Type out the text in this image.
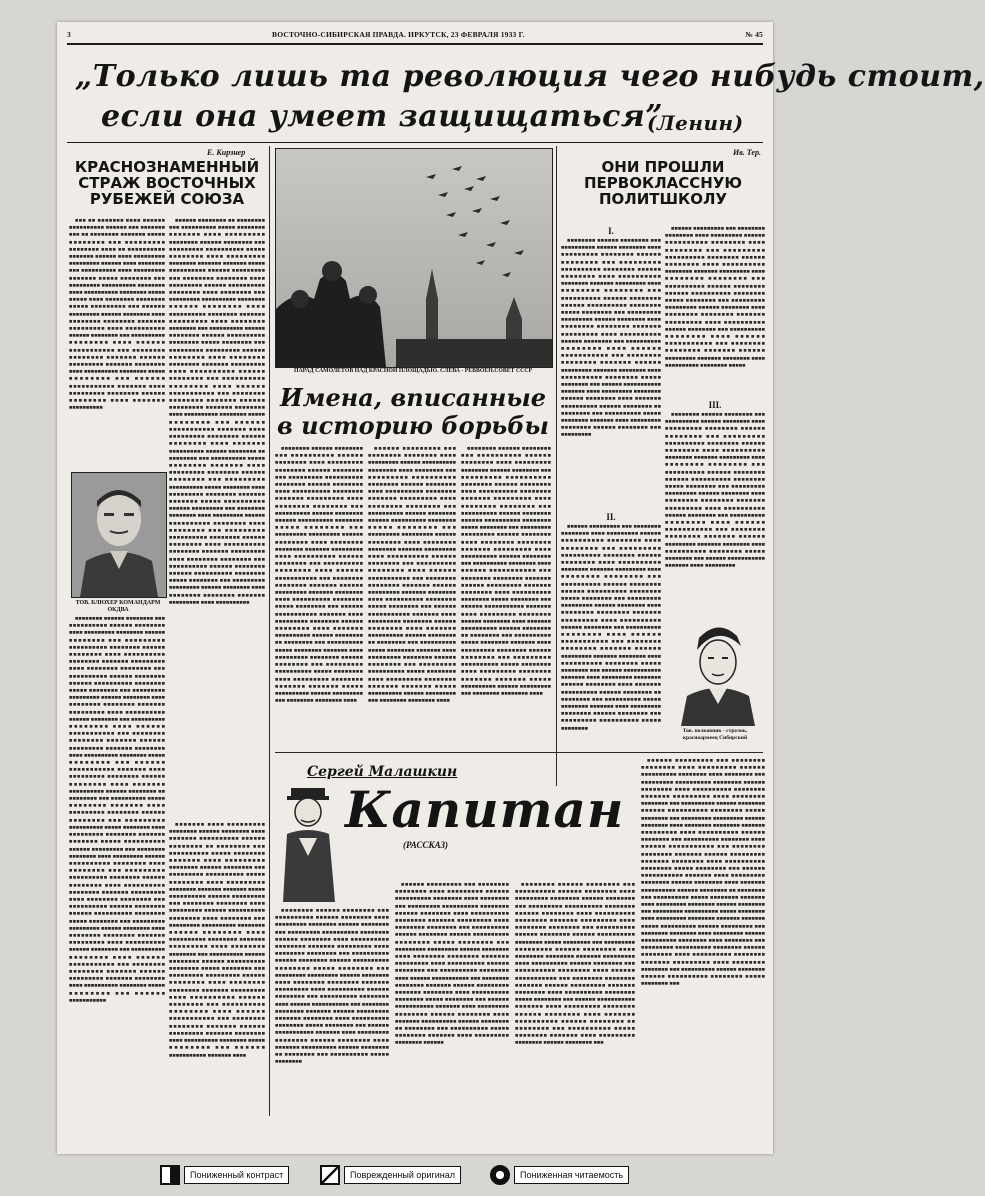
3	ВОСТОЧНО-СИБИРСКАЯ ПРАВДА. ИРКУТСК, 23 ФЕВРАЛЯ 1933 Г.	№ 45
„Только лишь та революция чего нибудь стоит,
если она умеет защищаться”
(Ленин)
Е. Кирзнер
КРАСНОЗНАМЕННЫЙ
СТРАЖ ВОСТОЧНЫХ
РУБЕЖЕЙ СОЮЗА

■■■ ■■ ■■■■■■■ ■■■■ ■■■■■■ ■■■■■■■■■■ ■■■■■■ ■■■ ■■■■■■■ ■■■ ■■ ■■■■■■■■ ■■■■■■■ ■■■■■ ■■■■■■■■ ■■■ ■■■■■■■■■ ■■■■■■■■ ■■■■ ■■ ■■■■■■■■■■ ■■■■■■■ ■■■■■■ ■■■■ ■■■■■■■■■ ■■■■■■■■■ ■■■■■■ ■■■■ ■■■■■■■■ ■■■ ■■■■■■■■■■ ■■■■ ■■■■■■■■■ ■■■■■■■ ■■■■■ ■■■■■■■■ ■■■ ■■■■■■■■■ ■■■■■■■■■■ ■■■■■■■■ ■■■■ ■■■■■■■■■■ ■■■■■■■■ ■■■■■ ■■■■■ ■■■■ ■■■■■■■■ ■■■■■■■■ ■■■■■ ■■■■■■■■■ ■■■ ■■■■■■ ■■■■■■■■■ ■■■■■■ ■■■■■■■■ ■■■■ ■■■■■■■■ ■■■■■■■■ ■■■■■■■ ■■■■■■■■■ ■■■■ ■■■■■■■■■■ ■■■■■■ ■■■■■■■■ ■■■ ■■■■■■■■■■ ■■■■■■■■ ■■■■ ■■■■■■ ■■■■■■■■■■■ ■■■ ■■■■■■■■ ■■■■■■■■ ■■■■■■■ ■■■■■■ ■■■■■■■■■ ■■■■■■■ ■■■■■■■■ ■■■■ ■■■■■■■■■■ ■■■■■■■■ ■■■■■ ■■■■■■■■ ■■■ ■■■■■■ ■■■■■■■■■■■ ■■■■■■■ ■■■■ ■■■■■■■■■ ■■■■■■■■ ■■■■■■ ■■■■■■■■ ■■■■ ■■■■■■■ ■■■■■■■■■■

■■■■■■ ■■■■■■■■ ■■ ■■■■■■■■ ■■■ ■■■■■■■■■■ ■■■■■ ■■■■■■■■ ■■■■■■■ ■■■■ ■■■■■■■■■ ■■■■■■■■ ■■■■■■ ■■■■■■■■ ■■■ ■■■■■■■■■ ■■■■■■■■■■ ■■■■■ ■■■■■■■■ ■■■■ ■■■■■■■■■ ■■■■■■■■ ■■■■■■■ ■■■■■■■ ■■■■■ ■■■■■■■■■■ ■■■■■■ ■■■■■■■■■ ■■■ ■■■■■■■■ ■■■■■■■■ ■■■■ ■■■■■■■■■ ■■■■■■ ■■■■■■■■■■ ■■■■■■■■ ■■■■ ■■■■■■■■ ■■■ ■■■■■■■■■ ■■■■■■■■■■ ■■■■■■■■ ■■■■■■ ■■■■■■■■ ■■■■ ■■■■■■■■■■ ■■■■■■■■ ■■■■■■■ ■■■■■■■■■ ■■■■ ■■■■■■■■ ■■■■■■■■ ■■■ ■■■■■■■■■■ ■■■■■■ ■■■■■■■■ ■■■■■■ ■■■■■■■■■■ ■■■■■■■■ ■■■■■ ■■■■■■■■ ■■■ ■■■■■■■■■ ■■■■■■■■■ ■■■■■■ ■■■■■■■■ ■■■■ ■■■■■■■■ ■■■■■■■■ ■■■■■■■ ■■■■■■■■■ ■■■■ ■■■■■■■■■■ ■■■■■■ ■■■■■■■■ ■■■ ■■■■■■■■■■ ■■■■■■■■ ■■■■ ■■■■■■ ■■■■■■■■■■■ ■■■ ■■■■■■■■ ■■■■■■■■ ■■■■■■■ ■■■■■■ ■■■■■■■■■ ■■■■■■■ ■■■■■■■■ ■■■■ ■■■■■■■■■■ ■■■■■■■■ ■■■■■ ■■■■■■■■ ■■■ ■■■■■■ ■■■■■■■■■■■ ■■■■■■■ ■■■■ ■■■■■■■■■ ■■■■■■■■ ■■■■■■ ■■■■■■■■ ■■■■ ■■■■■■■ ■■■■■■■■■■ ■■■■■■ ■■■■■■■■ ■■ ■■■■■■■■ ■■■ ■■■■■■■■■■ ■■■■■ ■■■■■■■■ ■■■■■■■ ■■■■ ■■■■■■■■■ ■■■■■■■■ ■■■■■■ ■■■■■■■■ ■■■ ■■■■■■■■■ ■■■■■■■■■■ ■■■■■ ■■■■■■■■ ■■■■ ■■■■■■■■■ ■■■■■■■■ ■■■■■■■ ■■■■■■■ ■■■■■ ■■■■■■■■■■ ■■■■■■ ■■■■■■■■■ ■■■ ■■■■■■■■ ■■■■■■■■ ■■■■ ■■■■■■■■■ ■■■■■■ ■■■■■■■■■■ ■■■■■■■■ ■■■■ ■■■■■■■■ ■■■ ■■■■■■■■■ ■■■■■■■■■■ ■■■■■■■■ ■■■■■■ ■■■■■■■■ ■■■■ ■■■■■■■■■■ ■■■■■■■■ ■■■■■■■ ■■■■■■■■■ ■■■■ ■■■■■■■■ ■■■■■■■■ ■■■ ■■■■■■■■■■ ■■■■■■ ■■■■■■■■ ■■■■■■ ■■■■■■■■■■ ■■■■■■■■ ■■■■■ ■■■■■■■■ ■■■ ■■■■■■■■■ ■■■■■■■■■ ■■■■■■ ■■■■■■■■ ■■■■ ■■■■■■■■ ■■■■■■■■ ■■■■■■■ ■■■■■■■■■ ■■■■ ■■■■■■■■■■

ТОВ. БЛЮХЕР КОМАНДАРМ ОКДВА

■■■■■■■■ ■■■■■■ ■■■■■■■■ ■■■ ■■■■■■■■■■ ■■■■■■ ■■■■■■■■ ■■■■ ■■■■■■■■■ ■■■■■■■■ ■■■■■■ ■■■■■■■■ ■■■ ■■■■■■■■■ ■■■■■■■■■■ ■■■■■■■■ ■■■■■■ ■■■■■■■■ ■■■■ ■■■■■■■■■■ ■■■■■■■■ ■■■■■■■ ■■■■■■■■■ ■■■■ ■■■■■■■■ ■■■■■■■■ ■■■ ■■■■■■■■■■ ■■■■■■ ■■■■■■■■ ■■■■■■ ■■■■■■■■■■ ■■■■■■■■ ■■■■■ ■■■■■■■■ ■■■ ■■■■■■■■■ ■■■■■■■■■ ■■■■■■ ■■■■■■■■ ■■■■ ■■■■■■■■ ■■■■■■■■ ■■■■■■■ ■■■■■■■■■ ■■■■ ■■■■■■■■■■ ■■■■■■ ■■■■■■■■ ■■■ ■■■■■■■■■■ ■■■■■■■■ ■■■■ ■■■■■■ ■■■■■■■■■■■ ■■■ ■■■■■■■■ ■■■■■■■■ ■■■■■■■ ■■■■■■ ■■■■■■■■■ ■■■■■■■ ■■■■■■■■ ■■■■ ■■■■■■■■■■ ■■■■■■■■ ■■■■■ ■■■■■■■■ ■■■ ■■■■■■ ■■■■■■■■■■■ ■■■■■■■ ■■■■ ■■■■■■■■■ ■■■■■■■■ ■■■■■■ ■■■■■■■■ ■■■■ ■■■■■■■ ■■■■■■■■■■ ■■■■■■ ■■■■■■■■ ■■ ■■■■■■■■ ■■■ ■■■■■■■■■■ ■■■■■ ■■■■■■■■ ■■■■■■■ ■■■■ ■■■■■■■■■ ■■■■■■■■ ■■■■■■ ■■■■■■■■ ■■■ ■■■■■■■■■ ■■■■■■■■■■ ■■■■■ ■■■■■■■■ ■■■■ ■■■■■■■■■ ■■■■■■■■ ■■■■■■■ ■■■■■■■ ■■■■■ ■■■■■■■■■■ ■■■■■■ ■■■■■■■■■ ■■■ ■■■■■■■■ ■■■■■■■■ ■■■■ ■■■■■■■■■ ■■■■■■ ■■■■■■■■■■ ■■■■■■■■ ■■■■ ■■■■■■■■ ■■■ ■■■■■■■■■ ■■■■■■■■■■ ■■■■■■■■ ■■■■■■ ■■■■■■■■ ■■■■ ■■■■■■■■■■ ■■■■■■■■ ■■■■■■■ ■■■■■■■■■ ■■■■ ■■■■■■■■ ■■■■■■■■ ■■■ ■■■■■■■■■■ ■■■■■■ ■■■■■■■■ ■■■■■■ ■■■■■■■■■■ ■■■■■■■■ ■■■■■ ■■■■■■■■ ■■■ ■■■■■■■■■ ■■■■■■■■■ ■■■■■■ ■■■■■■■■ ■■■■ ■■■■■■■■ ■■■■■■■■ ■■■■■■■ ■■■■■■■■■ ■■■■ ■■■■■■■■■■ ■■■■■■ ■■■■■■■■ ■■■ ■■■■■■■■■■ ■■■■■■■■ ■■■■ ■■■■■■ ■■■■■■■■■■■ ■■■ ■■■■■■■■ ■■■■■■■■ ■■■■■■■ ■■■■■■ ■■■■■■■■■ ■■■■■■■ ■■■■■■■■ ■■■■ ■■■■■■■■■■ ■■■■■■■■ ■■■■■ ■■■■■■■■ ■■■ ■■■■■■ ■■■■■■■■■■■

■■■■■■■ ■■■■ ■■■■■■■■■ ■■■■■■■■ ■■■■■■ ■■■■■■■■ ■■■■ ■■■■■■■ ■■■■■■■■■■ ■■■■■■ ■■■■■■■■ ■■ ■■■■■■■■ ■■■ ■■■■■■■■■■ ■■■■■ ■■■■■■■■ ■■■■■■■ ■■■■ ■■■■■■■■■ ■■■■■■■■ ■■■■■■ ■■■■■■■■ ■■■ ■■■■■■■■■ ■■■■■■■■■■ ■■■■■ ■■■■■■■■ ■■■■ ■■■■■■■■■ ■■■■■■■■ ■■■■■■■ ■■■■■■■ ■■■■■ ■■■■■■■■■■ ■■■■■■ ■■■■■■■■■ ■■■ ■■■■■■■■ ■■■■■■■■ ■■■■ ■■■■■■■■■ ■■■■■■ ■■■■■■■■■■ ■■■■■■■■ ■■■■ ■■■■■■■■ ■■■ ■■■■■■■■■ ■■■■■■■■■■ ■■■■■■■■ ■■■■■■ ■■■■■■■■ ■■■■ ■■■■■■■■■■ ■■■■■■■■ ■■■■■■■ ■■■■■■■■■ ■■■■ ■■■■■■■■ ■■■■■■■■ ■■■ ■■■■■■■■■■ ■■■■■■ ■■■■■■■■ ■■■■■■ ■■■■■■■■■■ ■■■■■■■■ ■■■■■ ■■■■■■■■ ■■■ ■■■■■■■■■ ■■■■■■■■■ ■■■■■■ ■■■■■■■■ ■■■■ ■■■■■■■■ ■■■■■■■■ ■■■■■■■ ■■■■■■■■■ ■■■■ ■■■■■■■■■■ ■■■■■■ ■■■■■■■■ ■■■ ■■■■■■■■■■ ■■■■■■■■ ■■■■ ■■■■■■ ■■■■■■■■■■■ ■■■ ■■■■■■■■ ■■■■■■■■ ■■■■■■■ ■■■■■■ ■■■■■■■■■ ■■■■■■■ ■■■■■■■■ ■■■■ ■■■■■■■■■■ ■■■■■■■■ ■■■■■ ■■■■■■■■ ■■■ ■■■■■■ ■■■■■■■■■■■ ■■■■■■■ ■■■■

ПАРАД САМОЛЕТОВ НАД КРАСНОЙ ПЛОЩАДЬЮ. СЛЕВА - РЕВВОЕН.СОВЕТ СССР
Имена, вписанные
в историю борьбы

■■■■■■■■ ■■■■■■ ■■■■■■■■ ■■■ ■■■■■■■■■■ ■■■■■■ ■■■■■■■■ ■■■■ ■■■■■■■■■ ■■■■■■■■ ■■■■■■ ■■■■■■■■ ■■■ ■■■■■■■■■ ■■■■■■■■■■ ■■■■■■■■ ■■■■■■ ■■■■■■■■ ■■■■ ■■■■■■■■■■ ■■■■■■■■ ■■■■■■■ ■■■■■■■■■ ■■■■ ■■■■■■■■ ■■■■■■■■ ■■■ ■■■■■■■■■■ ■■■■■■ ■■■■■■■■ ■■■■■■ ■■■■■■■■■■ ■■■■■■■■ ■■■■■ ■■■■■■■■ ■■■ ■■■■■■■■■ ■■■■■■■■■ ■■■■■■ ■■■■■■■■ ■■■■ ■■■■■■■■ ■■■■■■■■ ■■■■■■■ ■■■■■■■■■ ■■■■ ■■■■■■■■■■ ■■■■■■ ■■■■■■■■ ■■■ ■■■■■■■■■■ ■■■■■■■■ ■■■■ ■■■■■■ ■■■■■■■■■■■ ■■■ ■■■■■■■■ ■■■■■■■■ ■■■■■■■ ■■■■■■ ■■■■■■■■■ ■■■■■■■ ■■■■■■■■ ■■■■ ■■■■■■■■■■ ■■■■■■■■ ■■■■■ ■■■■■■■■ ■■■ ■■■■■■ ■■■■■■■■■■■ ■■■■■■■ ■■■■ ■■■■■■■■■ ■■■■■■■■ ■■■■■■ ■■■■■■■■ ■■■■ ■■■■■■■ ■■■■■■■■■■ ■■■■■■ ■■■■■■■■ ■■ ■■■■■■■■ ■■■ ■■■■■■■■■■ ■■■■■ ■■■■■■■■ ■■■■■■■ ■■■■ ■■■■■■■■■ ■■■■■■■■ ■■■■■■ ■■■■■■■■ ■■■ ■■■■■■■■■ ■■■■■■■■■■ ■■■■■ ■■■■■■■■ ■■■■ ■■■■■■■■■ ■■■■■■■■ ■■■■■■■ ■■■■■■■ ■■■■■ ■■■■■■■■■■ ■■■■■■ ■■■■■■■■■ ■■■ ■■■■■■■■ ■■■■■■■■ ■■■■

■■■■■■ ■■■■■■■■■ ■■■ ■■■■■■■■ ■■■■■■■■ ■■■■ ■■■■■■■■■ ■■■■■■ ■■■■■■■■■■ ■■■■■■■■ ■■■■ ■■■■■■■■ ■■■ ■■■■■■■■■ ■■■■■■■■■■ ■■■■■■■■ ■■■■■■ ■■■■■■■■ ■■■■ ■■■■■■■■■■ ■■■■■■■■ ■■■■■■■ ■■■■■■■■■ ■■■■ ■■■■■■■■ ■■■■■■■■ ■■■ ■■■■■■■■■■ ■■■■■■ ■■■■■■■■ ■■■■■■ ■■■■■■■■■■ ■■■■■■■■ ■■■■■ ■■■■■■■■ ■■■ ■■■■■■■■■ ■■■■■■■■■ ■■■■■■ ■■■■■■■■ ■■■■ ■■■■■■■■ ■■■■■■■■ ■■■■■■■ ■■■■■■■■■ ■■■■ ■■■■■■■■■■ ■■■■■■ ■■■■■■■■ ■■■ ■■■■■■■■■■ ■■■■■■■■ ■■■■ ■■■■■■ ■■■■■■■■■■■ ■■■ ■■■■■■■■ ■■■■■■■■ ■■■■■■■ ■■■■■■ ■■■■■■■■■ ■■■■■■■ ■■■■■■■■ ■■■■ ■■■■■■■■■■ ■■■■■■■■ ■■■■■ ■■■■■■■■ ■■■ ■■■■■■ ■■■■■■■■■■■ ■■■■■■■ ■■■■ ■■■■■■■■■ ■■■■■■■■ ■■■■■■ ■■■■■■■■ ■■■■ ■■■■■■■ ■■■■■■■■■■ ■■■■■■ ■■■■■■■■ ■■ ■■■■■■■■ ■■■ ■■■■■■■■■■ ■■■■■ ■■■■■■■■ ■■■■■■■ ■■■■ ■■■■■■■■■ ■■■■■■■■ ■■■■■■ ■■■■■■■■ ■■■ ■■■■■■■■■ ■■■■■■■■■■ ■■■■■ ■■■■■■■■ ■■■■ ■■■■■■■■■ ■■■■■■■■ ■■■■■■■ ■■■■■■■ ■■■■■ ■■■■■■■■■■ ■■■■■■ ■■■■■■■■■ ■■■ ■■■■■■■■ ■■■■■■■■ ■■■■

■■■■■■■■ ■■■■■■ ■■■■■■■■ ■■■ ■■■■■■■■■■ ■■■■■■ ■■■■■■■■ ■■■■ ■■■■■■■■■ ■■■■■■■■ ■■■■■■ ■■■■■■■■ ■■■ ■■■■■■■■■ ■■■■■■■■■■ ■■■■■■■■ ■■■■■■ ■■■■■■■■ ■■■■ ■■■■■■■■■■ ■■■■■■■■ ■■■■■■■ ■■■■■■■■■ ■■■■ ■■■■■■■■ ■■■■■■■■ ■■■ ■■■■■■■■■■ ■■■■■■ ■■■■■■■■ ■■■■■■ ■■■■■■■■■■ ■■■■■■■■ ■■■■■ ■■■■■■■■ ■■■ ■■■■■■■■■ ■■■■■■■■■ ■■■■■■ ■■■■■■■■ ■■■■ ■■■■■■■■ ■■■■■■■■ ■■■■■■■ ■■■■■■■■■ ■■■■ ■■■■■■■■■■ ■■■■■■ ■■■■■■■■ ■■■ ■■■■■■■■■■ ■■■■■■■■ ■■■■ ■■■■■■ ■■■■■■■■■■■ ■■■ ■■■■■■■■ ■■■■■■■■ ■■■■■■■ ■■■■■■ ■■■■■■■■■ ■■■■■■■ ■■■■■■■■ ■■■■ ■■■■■■■■■■ ■■■■■■■■ ■■■■■ ■■■■■■■■ ■■■ ■■■■■■ ■■■■■■■■■■■ ■■■■■■■ ■■■■ ■■■■■■■■■ ■■■■■■■■ ■■■■■■ ■■■■■■■■ ■■■■ ■■■■■■■ ■■■■■■■■■■ ■■■■■■ ■■■■■■■■ ■■ ■■■■■■■■ ■■■ ■■■■■■■■■■ ■■■■■ ■■■■■■■■ ■■■■■■■ ■■■■ ■■■■■■■■■ ■■■■■■■■ ■■■■■■ ■■■■■■■■ ■■■ ■■■■■■■■■ ■■■■■■■■■■ ■■■■■ ■■■■■■■■ ■■■■ ■■■■■■■■■ ■■■■■■■■ ■■■■■■■ ■■■■■■■ ■■■■■ ■■■■■■■■■■ ■■■■■■ ■■■■■■■■■ ■■■ ■■■■■■■■ ■■■■■■■■ ■■■■

Ив. Тер.
ОНИ ПРОШЛИ
ПЕРВОКЛАССНУЮ
ПОЛИТШКОЛУ
I.

■■■■■■■■ ■■■■■■ ■■■■■■■■ ■■■ ■■■■■■■■■■ ■■■■■■ ■■■■■■■■ ■■■■ ■■■■■■■■■ ■■■■■■■■ ■■■■■■ ■■■■■■■■ ■■■ ■■■■■■■■■ ■■■■■■■■■■ ■■■■■■■■ ■■■■■■ ■■■■■■■■ ■■■■ ■■■■■■■■■■ ■■■■■■■■ ■■■■■■■ ■■■■■■■■■ ■■■■ ■■■■■■■■ ■■■■■■■■ ■■■ ■■■■■■■■■■ ■■■■■■ ■■■■■■■■ ■■■■■■ ■■■■■■■■■■ ■■■■■■■■ ■■■■■ ■■■■■■■■ ■■■ ■■■■■■■■■ ■■■■■■■■■ ■■■■■■ ■■■■■■■■ ■■■■ ■■■■■■■■ ■■■■■■■■ ■■■■■■■ ■■■■■■■■■ ■■■■ ■■■■■■■■■■ ■■■■■■ ■■■■■■■■ ■■■ ■■■■■■■■■■ ■■■■■■■■ ■■■■ ■■■■■■ ■■■■■■■■■■■ ■■■ ■■■■■■■■ ■■■■■■■■ ■■■■■■■ ■■■■■■ ■■■■■■■■■ ■■■■■■■ ■■■■■■■■ ■■■■ ■■■■■■■■■■ ■■■■■■■■ ■■■■■ ■■■■■■■■ ■■■ ■■■■■■ ■■■■■■■■■■■ ■■■■■■■ ■■■■ ■■■■■■■■■ ■■■■■■■■ ■■■■■■ ■■■■■■■■ ■■■■ ■■■■■■■ ■■■■■■■■■■ ■■■■■■ ■■■■■■■■ ■■ ■■■■■■■■ ■■■ ■■■■■■■■■■ ■■■■■ ■■■■■■■■ ■■■■■■■ ■■■■ ■■■■■■■■■ ■■■■■■■■ ■■■■■■ ■■■■■■■■ ■■■ ■■■■■■■■■

■■■■■■ ■■■■■■■■■ ■■■ ■■■■■■■■ ■■■■■■■■ ■■■■ ■■■■■■■■■ ■■■■■■ ■■■■■■■■■■ ■■■■■■■■ ■■■■ ■■■■■■■■ ■■■ ■■■■■■■■■ ■■■■■■■■■■ ■■■■■■■■ ■■■■■■ ■■■■■■■■ ■■■■ ■■■■■■■■■■ ■■■■■■■■ ■■■■■■■ ■■■■■■■■■ ■■■■ ■■■■■■■■ ■■■■■■■■ ■■■ ■■■■■■■■■■ ■■■■■■ ■■■■■■■■ ■■■■■■ ■■■■■■■■■■ ■■■■■■■■ ■■■■■ ■■■■■■■■ ■■■ ■■■■■■■■■ ■■■■■■■■■ ■■■■■■ ■■■■■■■■ ■■■■ ■■■■■■■■ ■■■■■■■■ ■■■■■■■ ■■■■■■■■■ ■■■■ ■■■■■■■■■■ ■■■■■■ ■■■■■■■■ ■■■ ■■■■■■■■■■ ■■■■■■■■ ■■■■ ■■■■■■ ■■■■■■■■■■■ ■■■ ■■■■■■■■ ■■■■■■■■ ■■■■■■■ ■■■■■■ ■■■■■■■■■ ■■■■■■■ ■■■■■■■■ ■■■■ ■■■■■■■■■■ ■■■■■■■■ ■■■■■

III.

■■■■■■■■ ■■■■■■ ■■■■■■■■ ■■■ ■■■■■■■■■■ ■■■■■■ ■■■■■■■■ ■■■■ ■■■■■■■■■ ■■■■■■■■ ■■■■■■ ■■■■■■■■ ■■■ ■■■■■■■■■ ■■■■■■■■■■ ■■■■■■■■ ■■■■■■ ■■■■■■■■ ■■■■ ■■■■■■■■■■ ■■■■■■■■ ■■■■■■■ ■■■■■■■■■ ■■■■ ■■■■■■■■ ■■■■■■■■ ■■■ ■■■■■■■■■■ ■■■■■■ ■■■■■■■■ ■■■■■■ ■■■■■■■■■■ ■■■■■■■■ ■■■■■ ■■■■■■■■ ■■■ ■■■■■■■■■ ■■■■■■■■■ ■■■■■■ ■■■■■■■■ ■■■■ ■■■■■■■■ ■■■■■■■■ ■■■■■■■ ■■■■■■■■■ ■■■■ ■■■■■■■■■■ ■■■■■■ ■■■■■■■■ ■■■ ■■■■■■■■■■ ■■■■■■■■ ■■■■ ■■■■■■ ■■■■■■■■■■■ ■■■ ■■■■■■■■ ■■■■■■■■ ■■■■■■■ ■■■■■■ ■■■■■■■■■ ■■■■■■■ ■■■■■■■■ ■■■■ ■■■■■■■■■■ ■■■■■■■■ ■■■■■ ■■■■■■■■ ■■■ ■■■■■■ ■■■■■■■■■■■ ■■■■■■■ ■■■■ ■■■■■■■■■

II.

■■■■■■ ■■■■■■■■■ ■■■ ■■■■■■■■ ■■■■■■■■ ■■■■ ■■■■■■■■■ ■■■■■■ ■■■■■■■■■■ ■■■■■■■■ ■■■■ ■■■■■■■■ ■■■ ■■■■■■■■■ ■■■■■■■■■■ ■■■■■■■■ ■■■■■■ ■■■■■■■■ ■■■■ ■■■■■■■■■■ ■■■■■■■■ ■■■■■■■ ■■■■■■■■■ ■■■■ ■■■■■■■■ ■■■■■■■■ ■■■ ■■■■■■■■■■ ■■■■■■ ■■■■■■■■ ■■■■■■ ■■■■■■■■■■ ■■■■■■■■ ■■■■■ ■■■■■■■■ ■■■ ■■■■■■■■■ ■■■■■■■■■ ■■■■■■ ■■■■■■■■ ■■■■ ■■■■■■■■ ■■■■■■■■ ■■■■■■■ ■■■■■■■■■ ■■■■ ■■■■■■■■■■ ■■■■■■ ■■■■■■■■ ■■■ ■■■■■■■■■■ ■■■■■■■■ ■■■■ ■■■■■■ ■■■■■■■■■■■ ■■■ ■■■■■■■■ ■■■■■■■■ ■■■■■■■ ■■■■■■ ■■■■■■■■■ ■■■■■■■ ■■■■■■■■ ■■■■ ■■■■■■■■■■ ■■■■■■■■ ■■■■■ ■■■■■■■■ ■■■ ■■■■■■ ■■■■■■■■■■■ ■■■■■■■ ■■■■ ■■■■■■■■■ ■■■■■■■■ ■■■■■■ ■■■■■■■■ ■■■■ ■■■■■■■ ■■■■■■■■■■ ■■■■■■ ■■■■■■■■ ■■ ■■■■■■■■ ■■■ ■■■■■■■■■■ ■■■■■ ■■■■■■■■ ■■■■■■■ ■■■■ ■■■■■■■■■ ■■■■■■■■ ■■■■■■ ■■■■■■■■ ■■■ ■■■■■■■■■ ■■■■■■■■■■ ■■■■■ ■■■■■■■■	Тов. полковник - стрелок, красноармеец Сибирский
Сергей Малашкин
Капитан
(РАССКАЗ)

■■■■■■■■ ■■■■■■ ■■■■■■■■ ■■■ ■■■■■■■■■■ ■■■■■■ ■■■■■■■■ ■■■■ ■■■■■■■■■ ■■■■■■■■ ■■■■■■ ■■■■■■■■ ■■■ ■■■■■■■■■ ■■■■■■■■■■ ■■■■■■■■ ■■■■■■ ■■■■■■■■ ■■■■ ■■■■■■■■■■ ■■■■■■■■ ■■■■■■■ ■■■■■■■■■ ■■■■ ■■■■■■■■ ■■■■■■■■ ■■■ ■■■■■■■■■■ ■■■■■■ ■■■■■■■■ ■■■■■■ ■■■■■■■■■■ ■■■■■■■■ ■■■■■ ■■■■■■■■ ■■■ ■■■■■■■■■ ■■■■■■■■■ ■■■■■■ ■■■■■■■■ ■■■■ ■■■■■■■■ ■■■■■■■■ ■■■■■■■ ■■■■■■■■■ ■■■■ ■■■■■■■■■■ ■■■■■■ ■■■■■■■■ ■■■ ■■■■■■■■■■ ■■■■■■■■ ■■■■ ■■■■■■ ■■■■■■■■■■■ ■■■ ■■■■■■■■ ■■■■■■■■ ■■■■■■■ ■■■■■■ ■■■■■■■■■ ■■■■■■■ ■■■■■■■■ ■■■■ ■■■■■■■■■■ ■■■■■■■■ ■■■■■ ■■■■■■■■ ■■■ ■■■■■■ ■■■■■■■■■■■ ■■■■■■■ ■■■■ ■■■■■■■■■ ■■■■■■■■ ■■■■■■ ■■■■■■■■ ■■■■ ■■■■■■■ ■■■■■■■■■■ ■■■■■■ ■■■■■■■■ ■■ ■■■■■■■■ ■■■ ■■■■■■■■■■ ■■■■■ ■■■■■■■■

■■■■■■ ■■■■■■■■■ ■■■ ■■■■■■■■ ■■■■■■■■ ■■■■ ■■■■■■■■■ ■■■■■■ ■■■■■■■■■■ ■■■■■■■■ ■■■■ ■■■■■■■■ ■■■ ■■■■■■■■■ ■■■■■■■■■■ ■■■■■■■■ ■■■■■■ ■■■■■■■■ ■■■■ ■■■■■■■■■■ ■■■■■■■■ ■■■■■■■ ■■■■■■■■■ ■■■■ ■■■■■■■■ ■■■■■■■■ ■■■ ■■■■■■■■■■ ■■■■■■ ■■■■■■■■ ■■■■■■ ■■■■■■■■■■ ■■■■■■■■ ■■■■■ ■■■■■■■■ ■■■ ■■■■■■■■■ ■■■■■■■■■ ■■■■■■ ■■■■■■■■ ■■■■ ■■■■■■■■ ■■■■■■■■ ■■■■■■■ ■■■■■■■■■ ■■■■ ■■■■■■■■■■ ■■■■■■ ■■■■■■■■ ■■■ ■■■■■■■■■■ ■■■■■■■■ ■■■■ ■■■■■■ ■■■■■■■■■■■ ■■■ ■■■■■■■■ ■■■■■■■■ ■■■■■■■ ■■■■■■ ■■■■■■■■■ ■■■■■■■ ■■■■■■■■ ■■■■ ■■■■■■■■■■ ■■■■■■■■ ■■■■■ ■■■■■■■■ ■■■ ■■■■■■ ■■■■■■■■■■■ ■■■■■■■ ■■■■ ■■■■■■■■■ ■■■■■■■■ ■■■■■■ ■■■■■■■■ ■■■■ ■■■■■■■ ■■■■■■■■■■ ■■■■■■ ■■■■■■■■ ■■ ■■■■■■■■ ■■■ ■■■■■■■■■■ ■■■■■ ■■■■■■■■ ■■■■■■■ ■■■■ ■■■■■■■■■ ■■■■■■■■ ■■■■■■

■■■■■■■■ ■■■■■■ ■■■■■■■■ ■■■ ■■■■■■■■■■ ■■■■■■ ■■■■■■■■ ■■■■ ■■■■■■■■■ ■■■■■■■■ ■■■■■■ ■■■■■■■■ ■■■ ■■■■■■■■■ ■■■■■■■■■■ ■■■■■■■■ ■■■■■■ ■■■■■■■■ ■■■■ ■■■■■■■■■■ ■■■■■■■■ ■■■■■■■ ■■■■■■■■■ ■■■■ ■■■■■■■■ ■■■■■■■■ ■■■ ■■■■■■■■■■ ■■■■■■ ■■■■■■■■ ■■■■■■ ■■■■■■■■■■ ■■■■■■■■ ■■■■■ ■■■■■■■■ ■■■ ■■■■■■■■■ ■■■■■■■■■ ■■■■■■ ■■■■■■■■ ■■■■ ■■■■■■■■ ■■■■■■■■ ■■■■■■■ ■■■■■■■■■ ■■■■ ■■■■■■■■■■ ■■■■■■ ■■■■■■■■ ■■■ ■■■■■■■■■■ ■■■■■■■■ ■■■■ ■■■■■■ ■■■■■■■■■■■ ■■■ ■■■■■■■■ ■■■■■■■■ ■■■■■■■ ■■■■■■ ■■■■■■■■■ ■■■■■■■ ■■■■■■■■ ■■■■ ■■■■■■■■■■ ■■■■■■■■ ■■■■■ ■■■■■■■■ ■■■ ■■■■■■ ■■■■■■■■■■■ ■■■■■■■ ■■■■ ■■■■■■■■■ ■■■■■■■■ ■■■■■■ ■■■■■■■■ ■■■■ ■■■■■■■ ■■■■■■■■■■ ■■■■■■ ■■■■■■■■ ■■ ■■■■■■■■ ■■■ ■■■■■■■■■■ ■■■■■ ■■■■■■■■ ■■■■■■■ ■■■■ ■■■■■■■■■ ■■■■■■■■ ■■■■■■ ■■■■■■■■ ■■■

■■■■■■ ■■■■■■■■■ ■■■ ■■■■■■■■ ■■■■■■■■ ■■■■ ■■■■■■■■■ ■■■■■■ ■■■■■■■■■■ ■■■■■■■■ ■■■■ ■■■■■■■■ ■■■ ■■■■■■■■■ ■■■■■■■■■■ ■■■■■■■■ ■■■■■■ ■■■■■■■■ ■■■■ ■■■■■■■■■■ ■■■■■■■■ ■■■■■■■ ■■■■■■■■■ ■■■■ ■■■■■■■■ ■■■■■■■■ ■■■ ■■■■■■■■■■ ■■■■■■ ■■■■■■■■ ■■■■■■ ■■■■■■■■■■ ■■■■■■■■ ■■■■■ ■■■■■■■■ ■■■ ■■■■■■■■■ ■■■■■■■■■ ■■■■■■ ■■■■■■■■ ■■■■ ■■■■■■■■ ■■■■■■■■ ■■■■■■■ ■■■■■■■■■ ■■■■ ■■■■■■■■■■ ■■■■■■ ■■■■■■■■ ■■■ ■■■■■■■■■■ ■■■■■■■■ ■■■■ ■■■■■■ ■■■■■■■■■■■ ■■■ ■■■■■■■■ ■■■■■■■■ ■■■■■■■ ■■■■■■ ■■■■■■■■■ ■■■■■■■ ■■■■■■■■ ■■■■ ■■■■■■■■■■ ■■■■■■■■ ■■■■■ ■■■■■■■■ ■■■ ■■■■■■ ■■■■■■■■■■■ ■■■■■■■ ■■■■ ■■■■■■■■■ ■■■■■■■■ ■■■■■■ ■■■■■■■■ ■■■■ ■■■■■■■ ■■■■■■■■■■ ■■■■■■ ■■■■■■■■ ■■ ■■■■■■■■ ■■■ ■■■■■■■■■■ ■■■■■ ■■■■■■■■ ■■■■■■■ ■■■■ ■■■■■■■■■ ■■■■■■■■ ■■■■■■ ■■■■■■■■ ■■■ ■■■■■■■■■ ■■■■■■■■■■ ■■■■■ ■■■■■■■■ ■■■■ ■■■■■■■■■ ■■■■■■■■ ■■■■■■■ ■■■■■■■ ■■■■■ ■■■■■■■■■■ ■■■■■■ ■■■■■■■■■ ■■■ ■■■■■■■■ ■■■■■■■■ ■■■■ ■■■■■■■■■ ■■■■■■ ■■■■■■■■■■ ■■■■■■■■ ■■■■ ■■■■■■■■ ■■■ ■■■■■■■■■ ■■■■■■■■■■ ■■■■■■■■ ■■■■■■ ■■■■■■■■ ■■■■ ■■■■■■■■■■ ■■■■■■■■ ■■■■■■■ ■■■■■■■■■ ■■■■ ■■■■■■■■ ■■■■■■■■ ■■■ ■■■■■■■■■■ ■■■■■■ ■■■■■■■■ ■■■■■■ ■■■■■■■■■■ ■■■■■■■■ ■■■■■ ■■■■■■■■ ■■■

Пониженный контраст	Поврежденный оригинал	Пониженная читаемость
